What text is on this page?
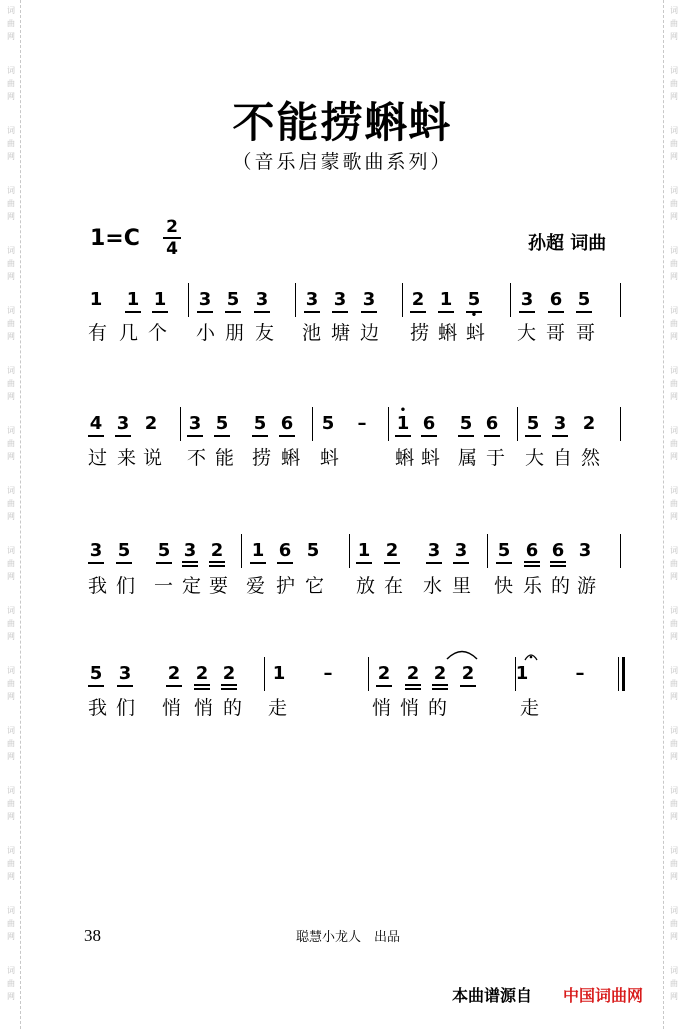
词
曲
网
词
曲
网
词
曲
网
词
曲
网
词
曲
网
词
曲
网
词
曲
网
词
曲
网
词
曲
网
词
曲
网
词
曲
网
词
曲
网
词
曲
网
词
曲
网
词
曲
网
词
曲
网
词
曲
网
词
曲
网
词
曲
网
词
曲
网
词
曲
网
词
曲
网
词
曲
网
词
曲
网
词
曲
网
词
曲
网
词
曲
网
词
曲
网
词
曲
网
词
曲
网
词
曲
网
词
曲
网
词
曲
网
词
曲
网
不能捞蝌蚪
（音乐启蒙歌曲系列）
1=C 2
4	孙超 词曲
1 1 1 3 5 3 3 3 3 2 1 5
•
3 6 5
有 几 个 小 朋 友 池 塘 边 捞 蝌 蚪 大 哥 哥
4 3 2 3 5 5 6 5 – 1
•
6 5 6 5 3 2
过 来 说 不 能 捞 蝌 蚪	蝌 蚪 属 于 大 自 然
3 5 5 3 2 1 6 5 1 2 3 3 5 6 6 3
我 们 一 定 要 爱 护 它 放 在 水 里 快 乐 的 游
5 3 2 2 2 1 –	2 2 2 2 1	–
我 们 悄 悄 的 走	悄 悄 的	走
38	聪慧小龙人　出品
本曲谱源自 中国词曲网
